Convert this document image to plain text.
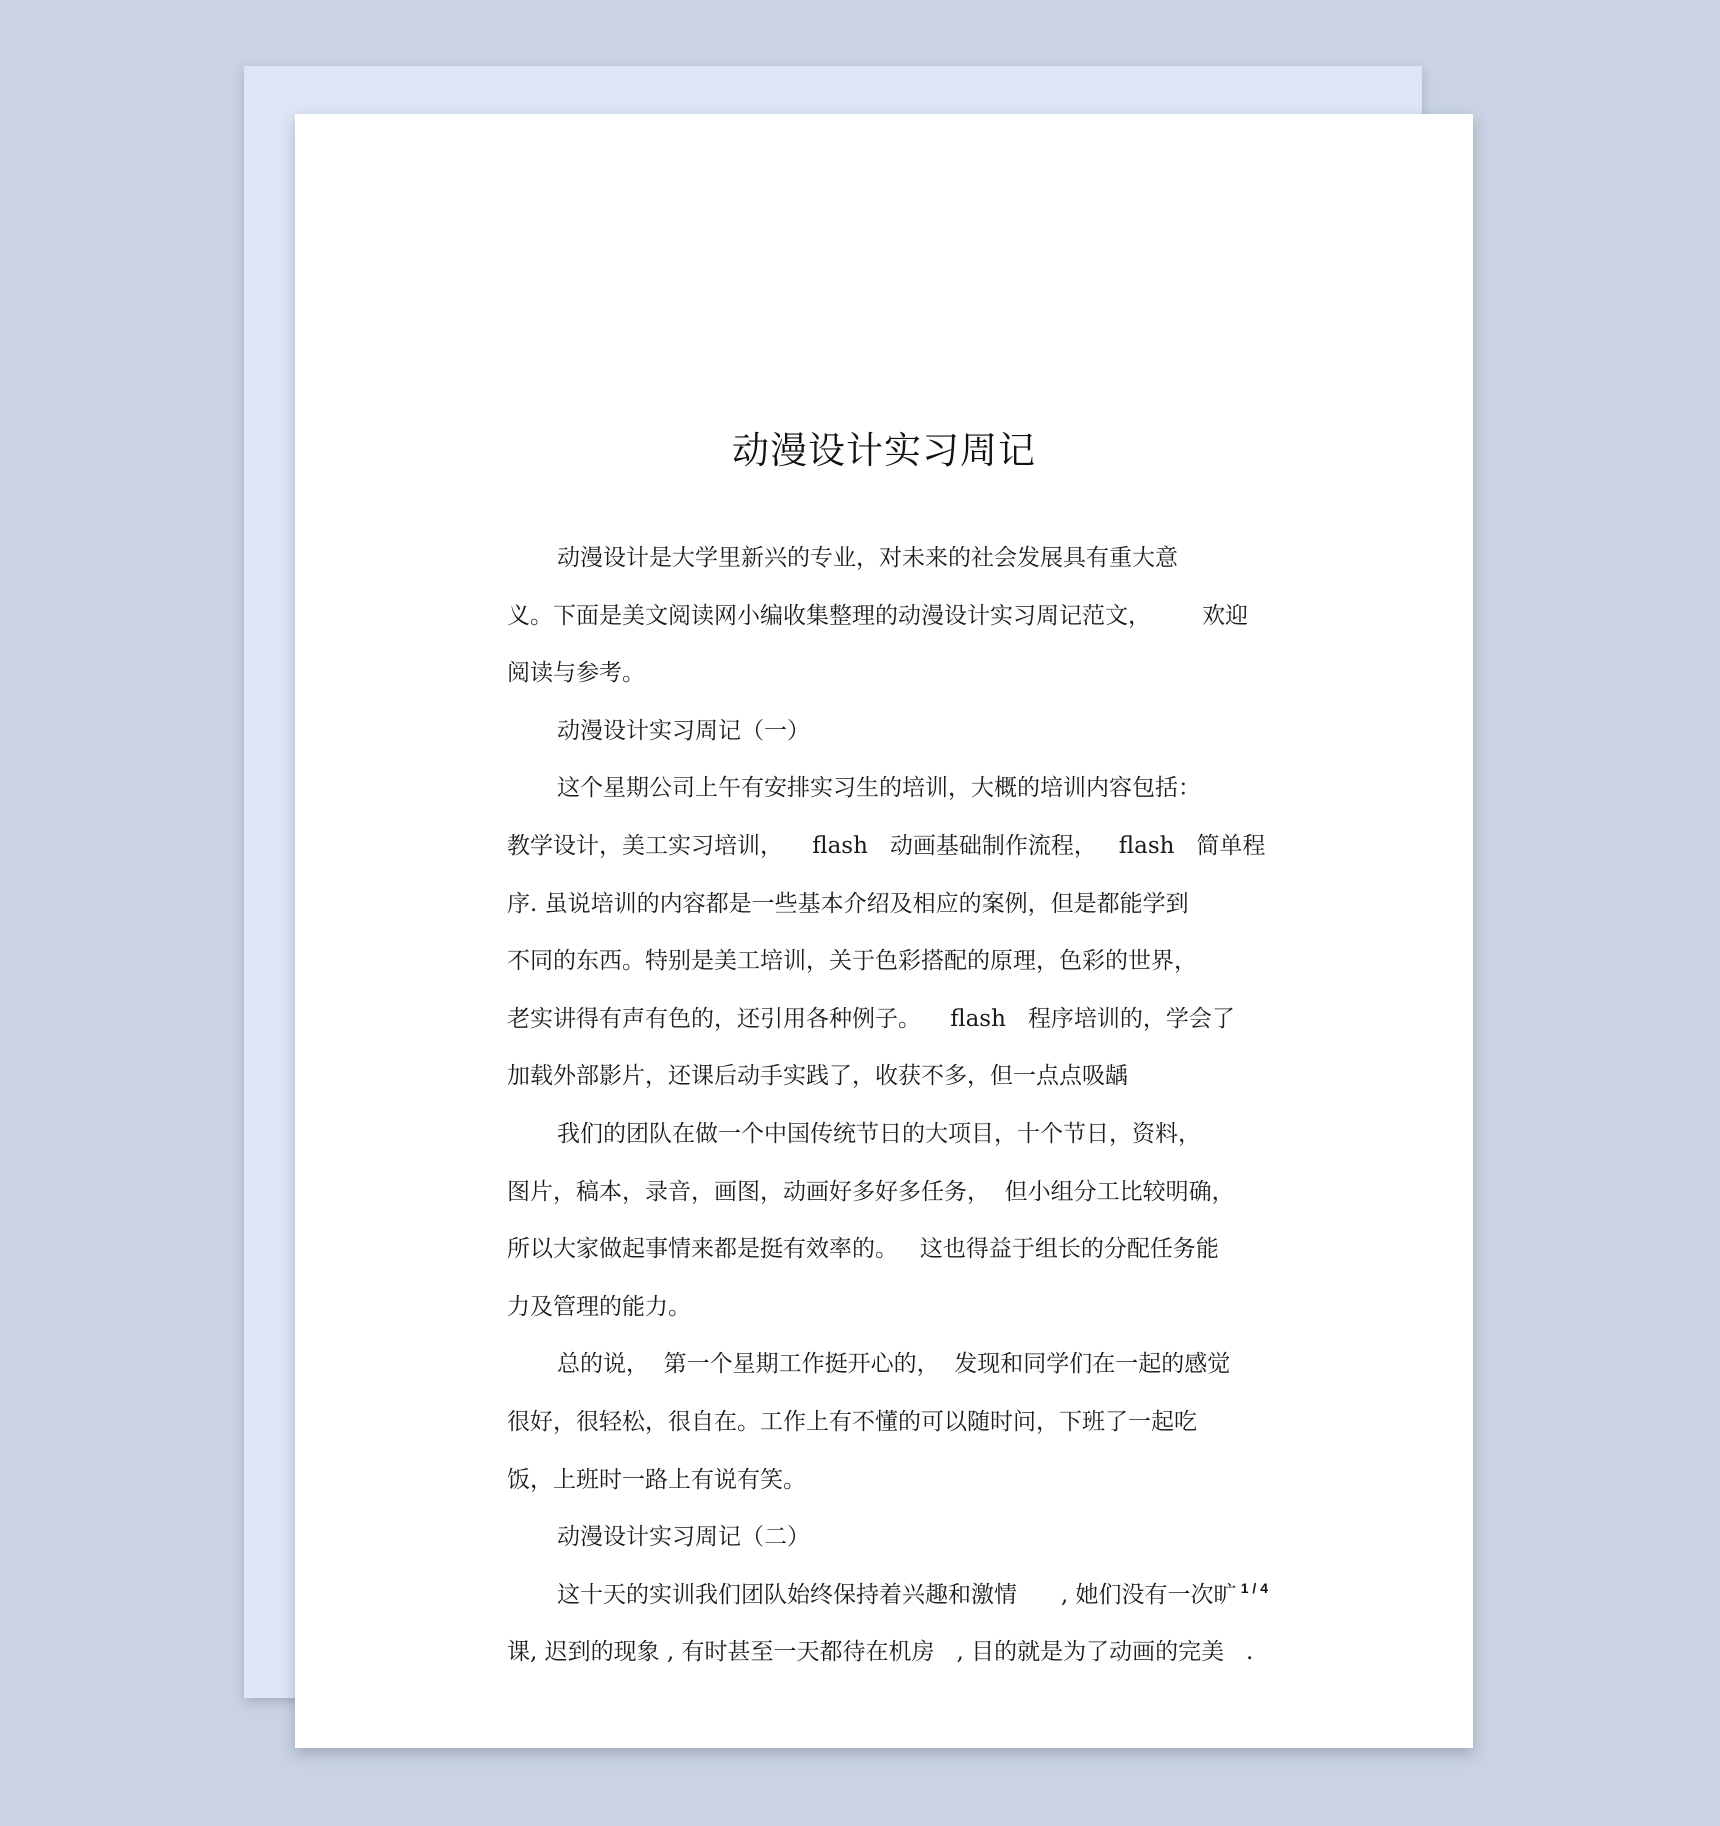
动漫设计实习周记
动漫设计是大学里新兴的专业，对未来的社会发展具有重大意
义。下面是美文阅读网小编收集整理的动漫设计实习周记范文，       欢迎
阅读与参考。
动漫设计实习周记（一）
这个星期公司上午有安排实习生的培训，大概的培训内容包括：
教学设计，美工实习培训，    flash   动画基础制作流程，   flash   简单程
序. 虽说培训的内容都是一些基本介绍及相应的案例，但是都能学到
不同的东西。特别是美工培训，关于色彩搭配的原理，色彩的世界，
老实讲得有声有色的，还引用各种例子。    flash   程序培训的，学会了
加载外部影片，还课后动手实践了，收获不多，但一点点吸龋
我们的团队在做一个中国传统节日的大项目，十个节日，资料，
图片，稿本，录音，画图，动画好多好多任务，  但小组分工比较明确，
所以大家做起事情来都是挺有效率的。   这也得益于组长的分配任务能
力及管理的能力。
总的说，  第一个星期工作挺开心的，  发现和同学们在一起的感觉
很好，很轻松，很自在。工作上有不懂的可以随时问，下班了一起吃
饭，上班时一路上有说有笑。
动漫设计实习周记（二）
这十天的实训我们团队始终保持着兴趣和激情      , 她们没有一次旷
课, 迟到的现象 , 有时甚至一天都待在机房   , 目的就是为了动画的完美   .
1 / 4
